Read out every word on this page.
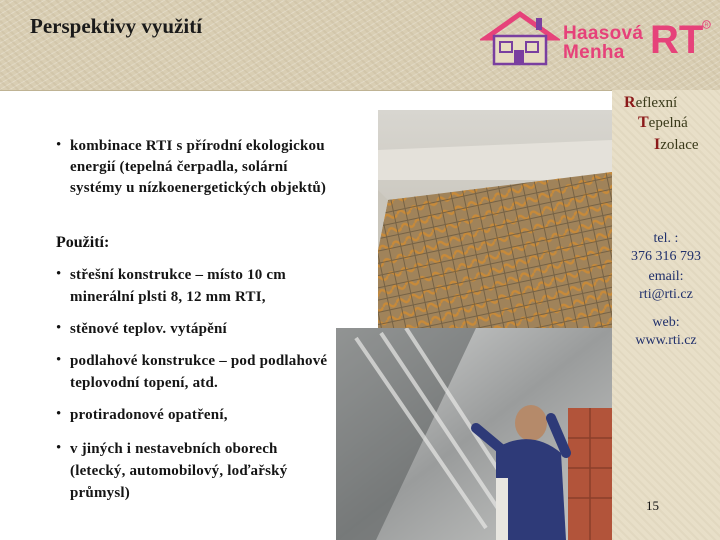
Perspektivy využití	Haasová
Menha RT R
• kombinace RTI s přírodní ekologickou
energií (tepelná čerpadla, solární
systémy u nízkoenergetických objektů)
Použití:
• střešní konstrukce – místo 10 cm
minerální plsti 8, 12 mm RTI,
• stěnové teplov. vytápění
• podlahové konstrukce – pod podlahové
teplovodní topení, atd.
• protiradonové opatření,
• v jiných i nestavebních oborech
(letecký, automobilový, loďařský
průmysl)
Reflexní
Tepelná
Izolace
tel. :
376 316 793
email:
rti@rti.cz
web:
www.rti.cz
15
